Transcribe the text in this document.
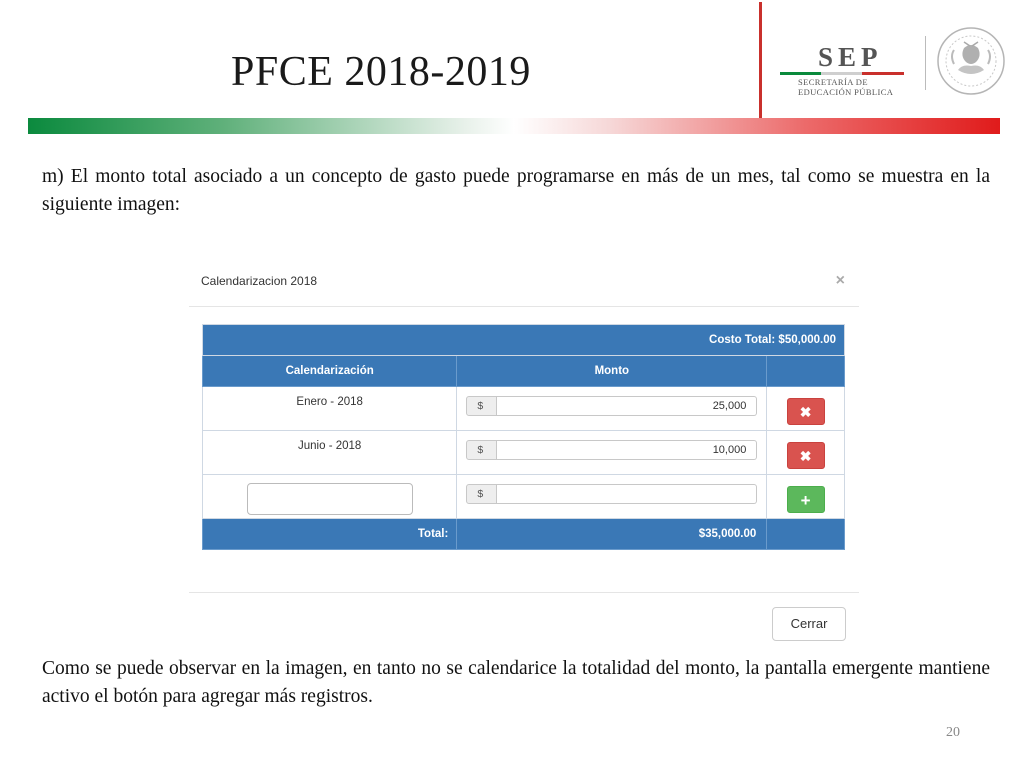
PFCE 2018-2019	SEP
SECRETARÍA DE
EDUCACIÓN PÚBLICA
m) El monto total asociado a un concepto de gasto puede programarse en más de un mes, tal como se muestra en la siguiente imagen:
Calendarizacion 2018	×
Costo Total: $50,000.00		
Calendarización	Monto	

Enero - 2018	$ 25,000	✖

Junio - 2018	$ 10,000	✖

	$	+

Total:	$35,000.00	
Cerrar
Como se puede observar en la imagen, en tanto no se calendarice la totalidad del monto, la pantalla emergente mantiene activo el botón para agregar más registros.
20
